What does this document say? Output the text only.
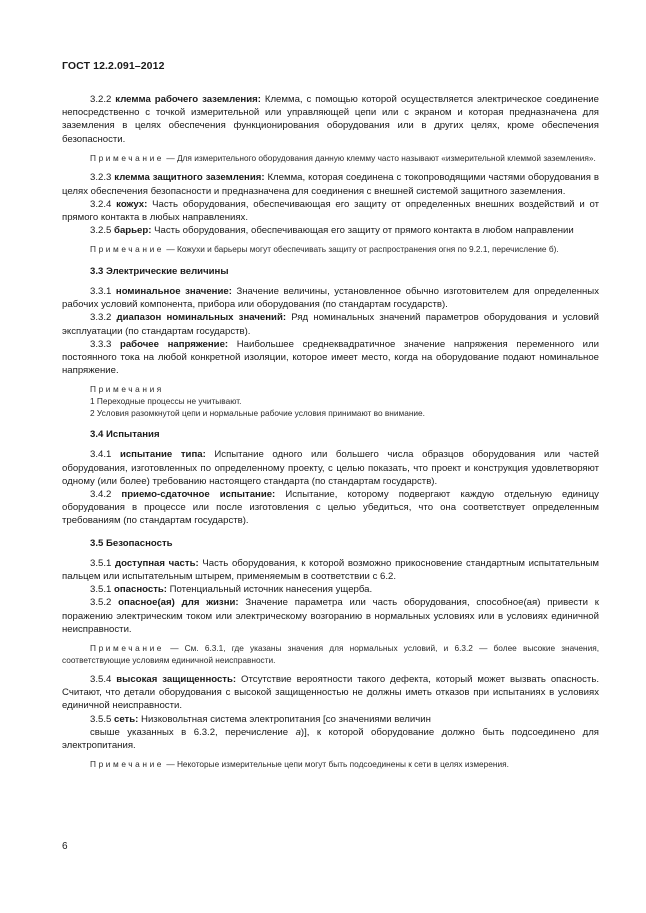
ГОСТ 12.2.091–2012

3.2.2 клемма рабочего заземления: Клемма, с помощью которой осуществляется электрическое соединение непосредственно с точкой измерительной или управляющей цепи или с экраном и которая предназначена для заземления в целях обеспечения функционирования оборудования или в других целях, кроме обеспечения безопасности.

Примечание — Для измерительного оборудования данную клемму часто называют «измерительной клеммой заземления».

3.2.3 клемма защитного заземления: Клемма, которая соединена с токопроводящими частями оборудования в целях обеспечения безопасности и предназначена для соединения с внешней системой защитного заземления.

3.2.4 кожух: Часть оборудования, обеспечивающая его защиту от определенных внешних воздействий и от прямого контакта в любых направлениях.

3.2.5 барьер: Часть оборудования, обеспечивающая его защиту от прямого контакта в любом направлении

Примечание — Кожухи и барьеры могут обеспечивать защиту от распространения огня по 9.2.1, перечисление б).

3.3 Электрические величины

3.3.1 номинальное значение: Значение величины, установленное обычно изготовителем для определенных рабочих условий компонента, прибора или оборудования (по стандартам государств).

3.3.2 диапазон номинальных значений: Ряд номинальных значений параметров оборудования и условий эксплуатации (по стандартам государств).

3.3.3 рабочее напряжение: Наибольшее среднеквадратичное значение напряжения переменного или постоянного тока на любой конкретной изоляции, которое имеет место, когда на оборудование подают номинальное напряжение.

Примечания
1 Переходные процессы не учитывают.
2 Условия разомкнутой цепи и нормальные рабочие условия принимают во внимание.

3.4 Испытания

3.4.1 испытание типа: Испытание одного или большего числа образцов оборудования или частей оборудования, изготовленных по определенному проекту, с целью показать, что проект и конструкция удовлетворяют одному (или более) требованию настоящего стандарта (по стандартам государств).

3.4.2 приемо-сдаточное испытание: Испытание, которому подвергают каждую отдельную единицу оборудования в процессе или после изготовления с целью убедиться, что она соответствует определенным требованиям (по стандартам государств).

3.5 Безопасность

3.5.1 доступная часть: Часть оборудования, к которой возможно прикосновение стандартным испытательным пальцем или испытательным штырем, применяемым в соответствии с 6.2.

3.5.1 опасность: Потенциальный источник нанесения ущерба.

3.5.2 опасное(ая) для жизни: Значение параметра или часть оборудования, способное(ая) привести к поражению электрическим током или электрическому возгоранию в нормальных условиях или в условиях единичной неисправности.

Примечание — См. 6.3.1, где указаны значения для нормальных условий, и 6.3.2 — более высокие значения, соответствующие условиям единичной неисправности.

3.5.4 высокая защищенность: Отсутствие вероятности такого дефекта, который может вызвать опасность. Считают, что детали оборудования с высокой защищенностью не должны иметь отказов при испытаниях в условиях единичной неисправности.

3.5.5 сеть: Низковольтная система электропитания [со значениями величин

свыше указанных в 6.3.2, перечисление а)], к которой оборудование должно быть подсоединено для электропитания.

Примечание — Некоторые измерительные цепи могут быть подсоединены к сети в целях измерения.

6
